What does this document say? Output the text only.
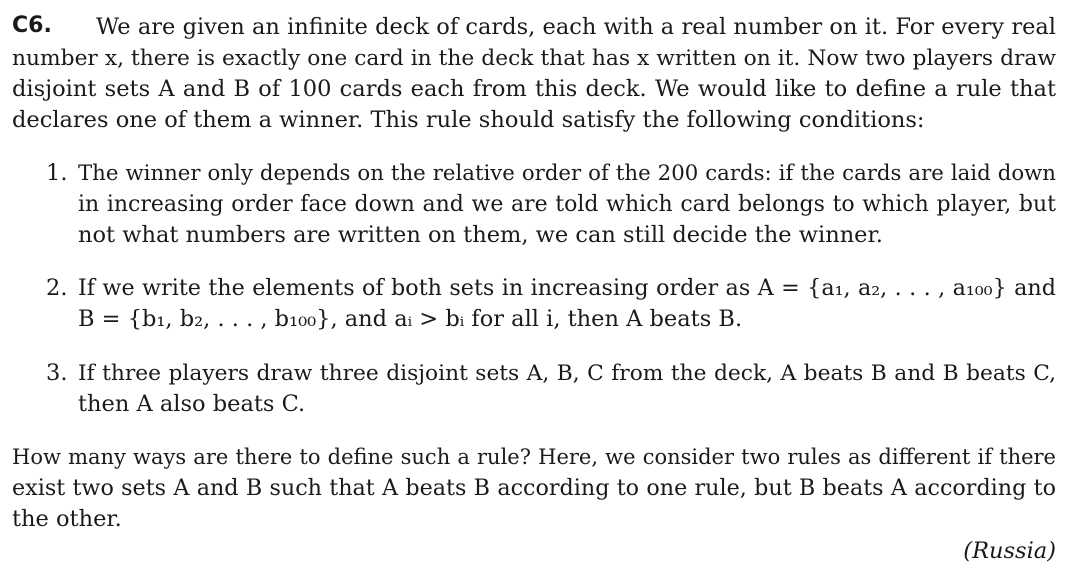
C6. We are given an infinite deck of cards, each with a real number on it. For every real
number x, there is exactly one card in the deck that has x written on it. Now two players draw
disjoint sets A and B of 100 cards each from this deck. We would like to define a rule that
declares one of them a winner. This rule should satisfy the following conditions:
1. The winner only depends on the relative order of the 200 cards: if the cards are laid down
in increasing order face down and we are told which card belongs to which player, but
not what numbers are written on them, we can still decide the winner.
2. If we write the elements of both sets in increasing order as A = {a₁, a₂, . . . , a₁₀₀} and
B = {b₁, b₂, . . . , b₁₀₀}, and aᵢ > bᵢ for all i, then A beats B.
3. If three players draw three disjoint sets A, B, C from the deck, A beats B and B beats C,
then A also beats C.
How many ways are there to define such a rule? Here, we consider two rules as different if there
exist two sets A and B such that A beats B according to one rule, but B beats A according to
the other.
(Russia)
